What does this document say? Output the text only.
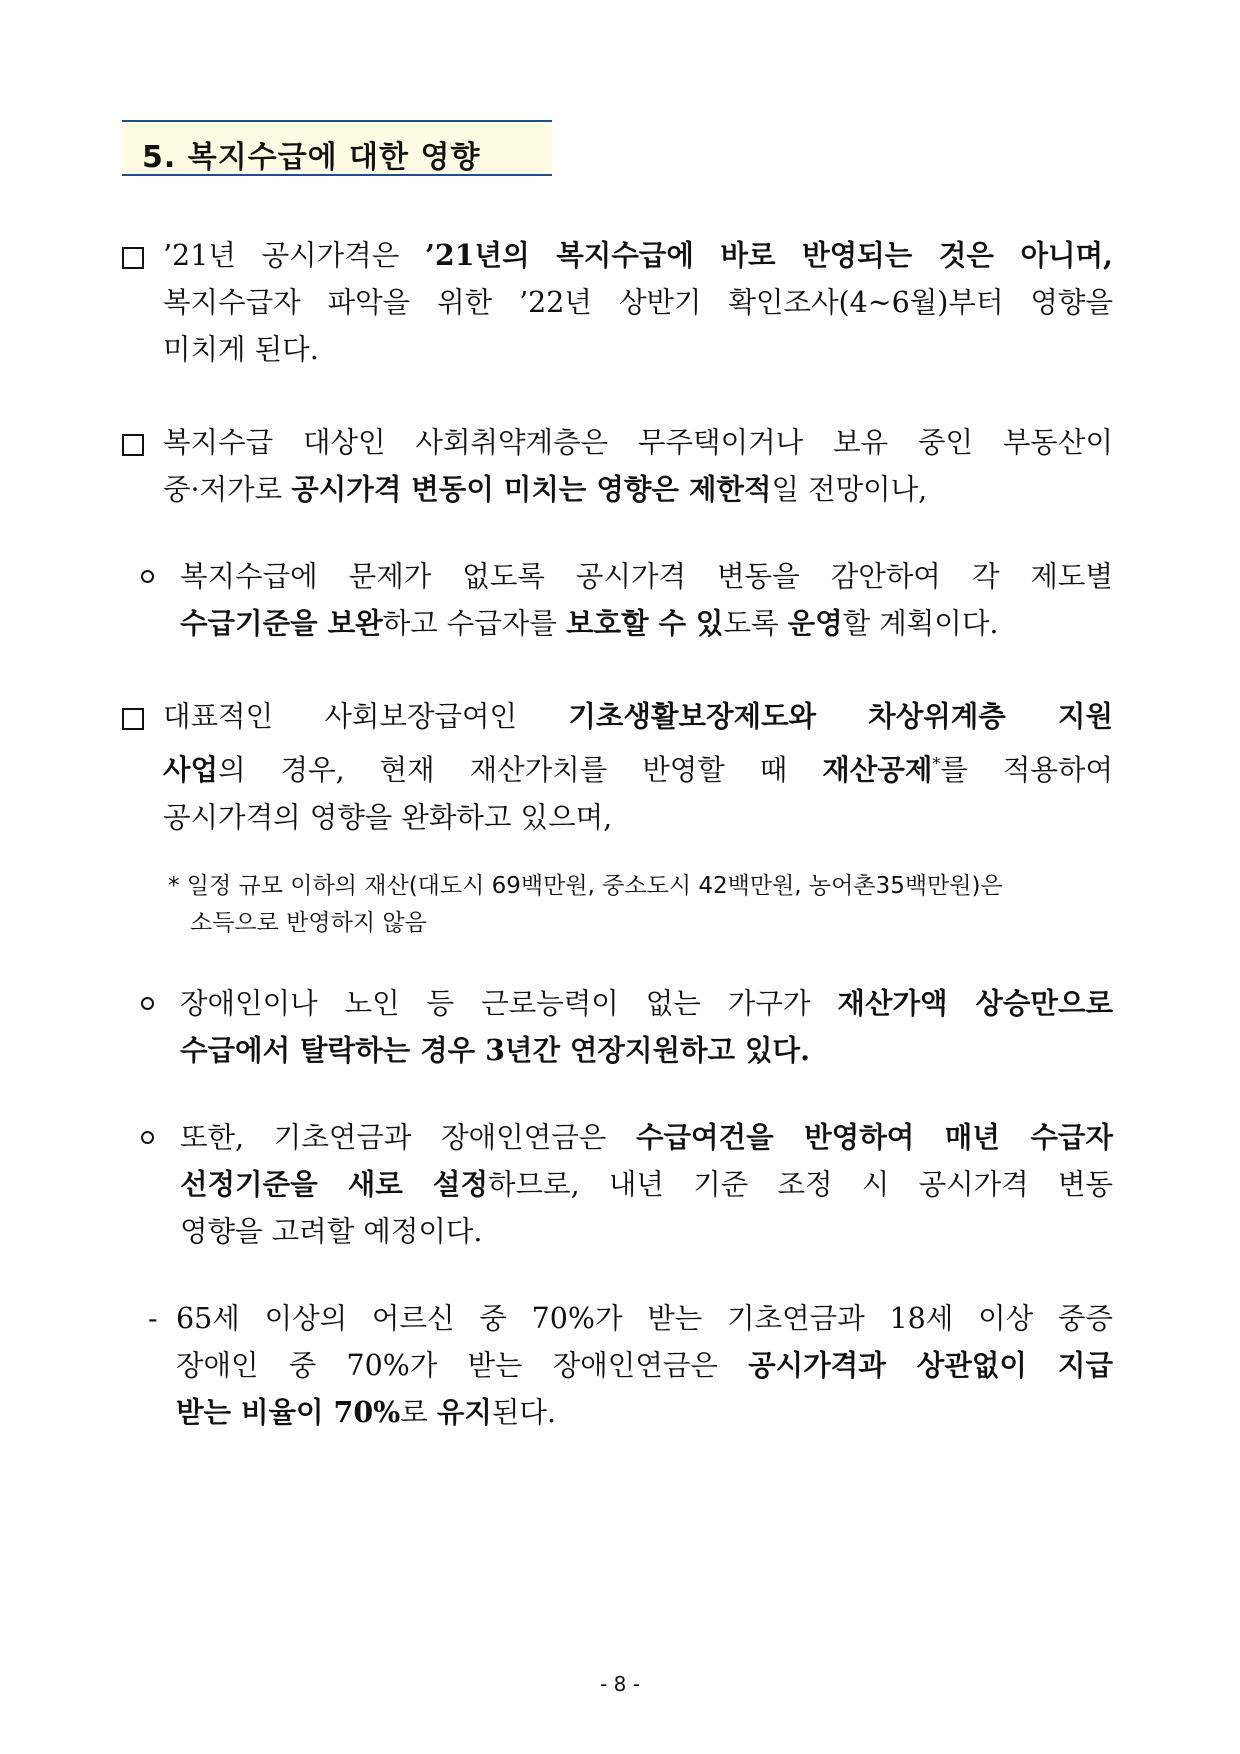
5. 복지수급에 대한 영향
’21년 공시가격은 ’21년의 복지수급에 바로 반영되는 것은 아니며,
복지수급자 파악을 위한 ’22년 상반기 확인조사(4~6월)부터 영향을
미치게 된다.
복지수급 대상인 사회취약계층은 무주택이거나 보유 중인 부동산이
중·저가로 공시가격 변동이 미치는 영향은 제한적일 전망이나,
복지수급에 문제가 없도록 공시가격 변동을 감안하여 각 제도별
수급기준을 보완하고 수급자를 보호할 수 있도록 운영할 계획이다.
대표적인 사회보장급여인 기초생활보장제도와 차상위계층 지원
사업의 경우, 현재 재산가치를 반영할 때 재산공제*를 적용하여
공시가격의 영향을 완화하고 있으며,
* 일정 규모 이하의 재산(대도시 69백만원, 중소도시 42백만원, 농어촌35백만원)은
소득으로 반영하지 않음
장애인이나 노인 등 근로능력이 없는 가구가 재산가액 상승만으로
수급에서 탈락하는 경우 3년간 연장지원하고 있다.
또한, 기초연금과 장애인연금은 수급여건을 반영하여 매년 수급자
선정기준을 새로 설정하므로, 내년 기준 조정 시 공시가격 변동
영향을 고려할 예정이다.
- 65세 이상의 어르신 중 70%가 받는 기초연금과 18세 이상 중증
장애인 중 70%가 받는 장애인연금은 공시가격과 상관없이 지급
받는 비율이 70%로 유지된다.
- 8 -
